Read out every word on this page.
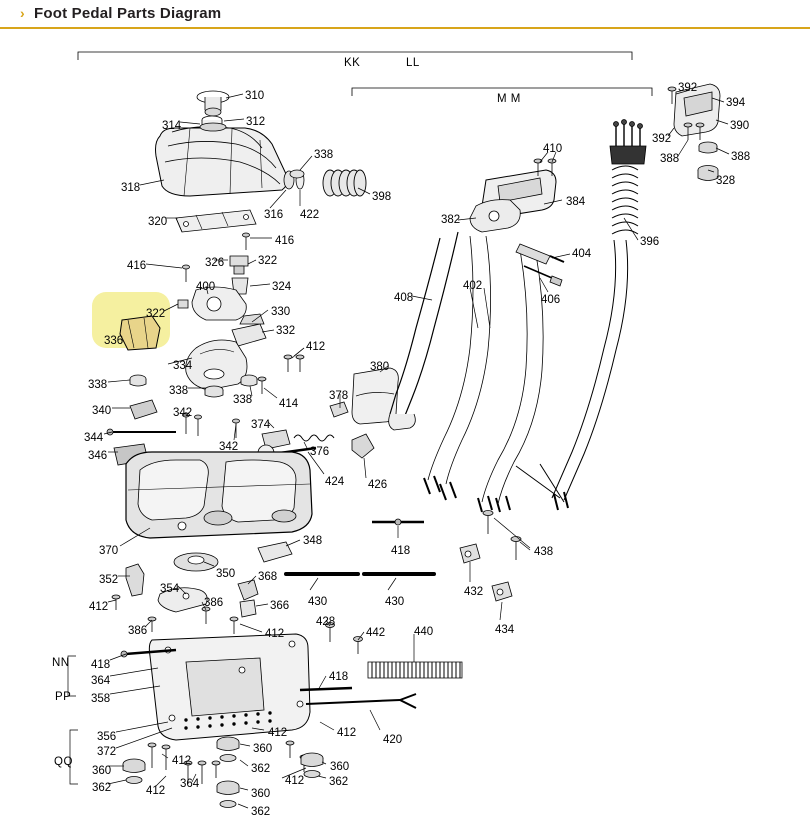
› Foot Pedal Parts Diagram
KK	LL
M M
NN
PP
QQ
310
312
314
318
338
398
316 422
320
416
416	326	322
324
400
322	330
332
336
334
412
338	338
338 414
378
380
340	342
374
344
346
342	376
426
424
370
348
350
352
354
368
412	386	366
386	412
418
364
358
428
442
418
440
356
372
412	412
420
412
360
360	360
362
362	412
412 362
364
360
362
418
430	430
438
432
434
408
402
406
404
382
384
410
396
392
394
390
392
388	388
328
